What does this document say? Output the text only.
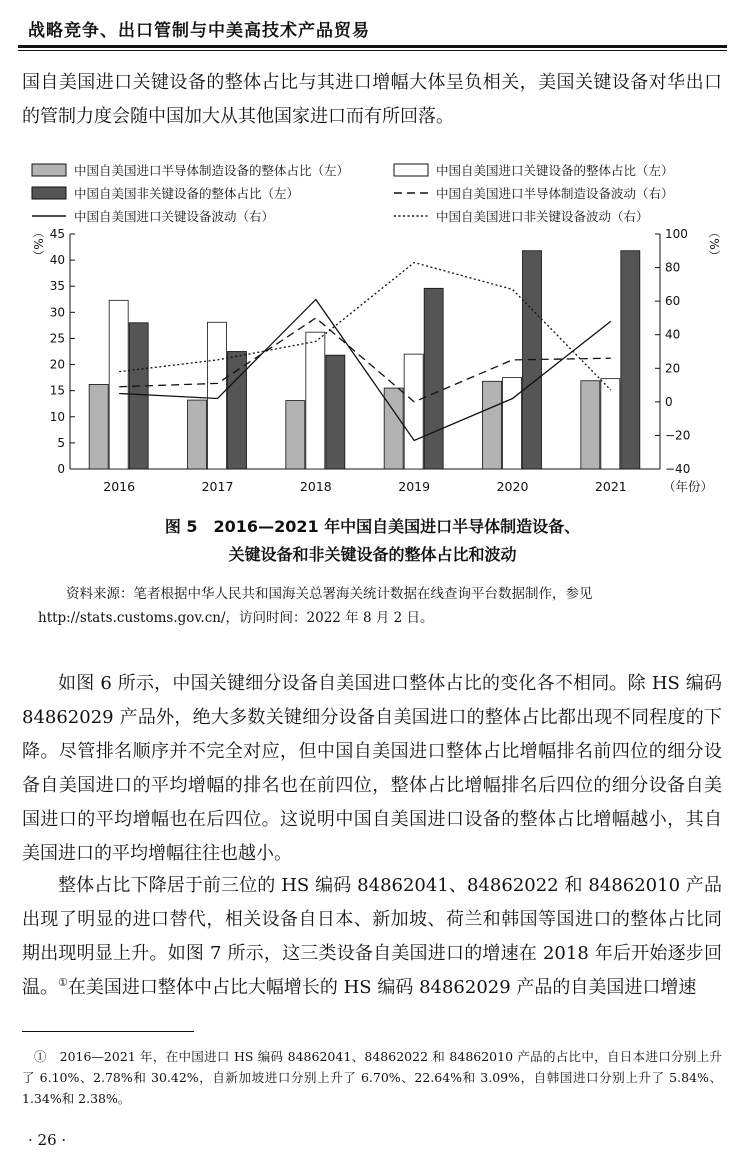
战略竞争、出口管制与中美高技术产品贸易

国自美国进口关键设备的整体占比与其进口增幅大体呈负相关，美国关键设备对华出口的管制力度会随中国加大从其他国家进口而有所回落。

中国自美国进口半导体制造设备的整体占比（左）	中国自美国进口关键设备的整体占比（左）
中国自美国非关键设备的整体占比（左）	中国自美国进口半导体制造设备波动（右）
中国自美国进口关键设备波动（右）	中国自美国进口非关键设备波动（右）
0
5
10
15
20
25
30
35
40
45
−40
−20
0
20
40
60
80
100
（%）	（%）
2016	2017	2018	2019	2020	2021	（年份）
图 5　2016—2021 年中国自美国进口半导体制造设备、
关键设备和非关键设备的整体占比和波动
资料来源：笔者根据中华人民共和国海关总署海关统计数据在线查询平台数据制作，参见
http://stats.customs.gov.cn/，访问时间：2022 年 8 月 2 日。

如图 6 所示，中国关键细分设备自美国进口整体占比的变化各不相同。除 HS 编码 84862029 产品外，绝大多数关键细分设备自美国进口的整体占比都出现不同程度的下降。尽管排名顺序并不完全对应，但中国自美国进口整体占比增幅排名前四位的细分设备自美国进口的平均增幅的排名也在前四位，整体占比增幅排名后四位的细分设备自美国进口的平均增幅也在后四位。这说明中国自美国进口设备的整体占比增幅越小，其自美国进口的平均增幅往往也越小。

整体占比下降居于前三位的 HS 编码 84862041、84862022 和 84862010 产品出现了明显的进口替代，相关设备自日本、新加坡、荷兰和韩国等国进口的整体占比同期出现明显上升。如图 7 所示，这三类设备自美国进口的增速在 2018 年后开始逐步回温。①在美国进口整体中占比大幅增长的 HS 编码 84862029 产品的自美国进口增速

①　2016—2021 年，在中国进口 HS 编码 84862041、84862022 和 84862010 产品的占比中，自日本进口分别上升了 6.10%、2.78%和 30.42%，自新加坡进口分别上升了 6.70%、22.64%和 3.09%，自韩国进口分别上升了 5.84%、1.34%和 2.38%。
· 26 ·
